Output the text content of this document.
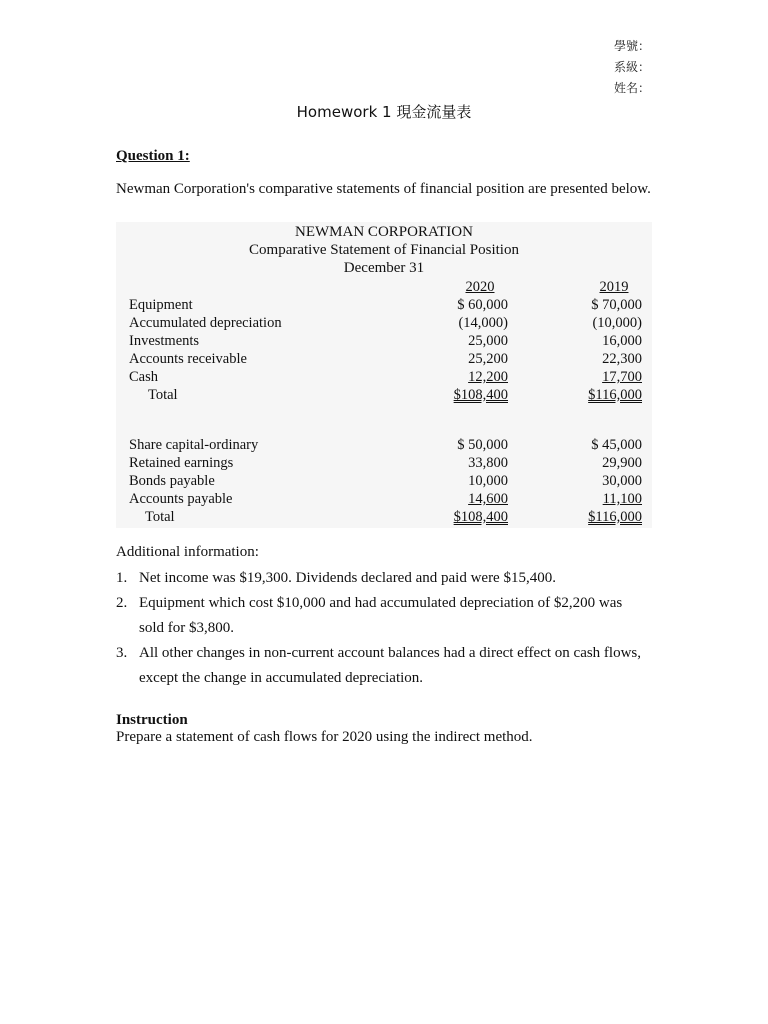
學號：
系級：
姓名：
Homework 1 現金流量表
Question 1:
Newman Corporation's comparative statements of financial position are presented below.
NEWMAN CORPORATION
Comparative Statement of Financial Position
December 31
2020	2019
Equipment	$ 60,000	$ 70,000
Accumulated depreciation	(14,000)	(10,000)
Investments	25,000	16,000
Accounts receivable	25,200	22,300
Cash	12,200	17,700
Total	$108,400	$116,000
Share capital-ordinary	$ 50,000	$ 45,000
Retained earnings	33,800	29,900
Bonds payable	10,000	30,000
Accounts payable	14,600	11,100
Total	$108,400	$116,000
Additional information:
1. Net income was $19,300. Dividends declared and paid were $15,400.
2. Equipment which cost $10,000 and had accumulated depreciation of $2,200 was
sold for $3,800.
3. All other changes in non-current account balances had a direct effect on cash flows,
except the change in accumulated depreciation.
Instruction
Prepare a statement of cash flows for 2020 using the indirect method.
